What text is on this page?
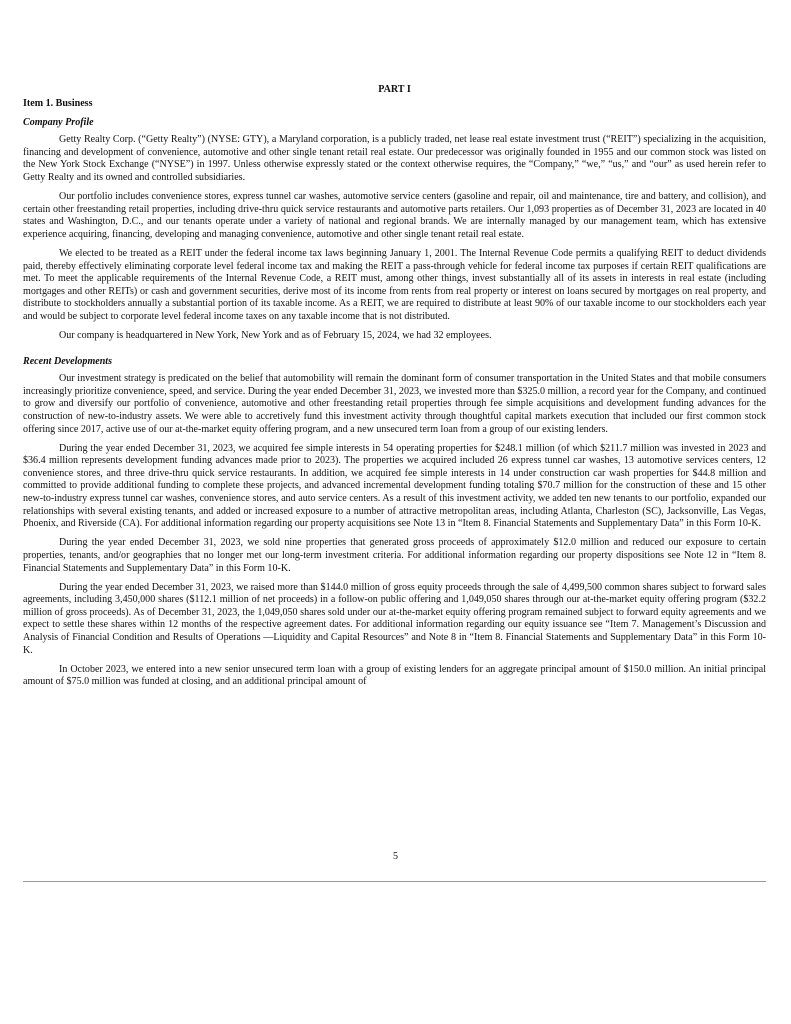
PART I
Item 1. Business
Company Profile

Getty Realty Corp. (“Getty Realty”) (NYSE: GTY), a Maryland corporation, is a publicly traded, net lease real estate investment trust (“REIT”) specializing in the acquisition, financing and development of convenience, automotive and other single tenant retail real estate. Our predecessor was originally founded in 1955 and our common stock was listed on the New York Stock Exchange (“NYSE”) in 1997. Unless otherwise expressly stated or the context otherwise requires, the “Company,” “we,” “us,” and “our” as used herein refer to Getty Realty and its owned and controlled subsidiaries.

Our portfolio includes convenience stores, express tunnel car washes, automotive service centers (gasoline and repair, oil and maintenance, tire and battery, and collision), and certain other freestanding retail properties, including drive-thru quick service restaurants and automotive parts retailers. Our 1,093 properties as of December 31, 2023 are located in 40 states and Washington, D.C., and our tenants operate under a variety of national and regional brands. We are internally managed by our management team, which has extensive experience acquiring, financing, developing and managing convenience, automotive and other single tenant retail real estate.

We elected to be treated as a REIT under the federal income tax laws beginning January 1, 2001. The Internal Revenue Code permits a qualifying REIT to deduct dividends paid, thereby effectively eliminating corporate level federal income tax and making the REIT a pass-through vehicle for federal income tax purposes if certain REIT qualifications are met. To meet the applicable requirements of the Internal Revenue Code, a REIT must, among other things, invest substantially all of its assets in interests in real estate (including mortgages and other REITs) or cash and government securities, derive most of its income from rents from real property or interest on loans secured by mortgages on real property, and distribute to stockholders annually a substantial portion of its taxable income. As a REIT, we are required to distribute at least 90% of our taxable income to our stockholders each year and would be subject to corporate level federal income taxes on any taxable income that is not distributed.

Our company is headquartered in New York, New York and as of February 15, 2024, we had 32 employees.

Recent Developments

Our investment strategy is predicated on the belief that automobility will remain the dominant form of consumer transportation in the United States and that mobile consumers increasingly prioritize convenience, speed, and service. During the year ended December 31, 2023, we invested more than $325.0 million, a record year for the Company, and continued to grow and diversify our portfolio of convenience, automotive and other freestanding retail properties through fee simple acquisitions and development funding advances for the construction of new-to-industry assets. We were able to accretively fund this investment activity through thoughtful capital markets execution that included our first common stock offering since 2017, active use of our at-the-market equity offering program, and a new unsecured term loan from a group of our existing lenders.

During the year ended December 31, 2023, we acquired fee simple interests in 54 operating properties for $248.1 million (of which $211.7 million was invested in 2023 and $36.4 million represents development funding advances made prior to 2023). The properties we acquired included 26 express tunnel car washes, 13 automotive services centers, 12 convenience stores, and three drive-thru quick service restaurants. In addition, we acquired fee simple interests in 14 under construction car wash properties for $44.8 million and committed to provide additional funding to complete these projects, and advanced incremental development funding totaling $70.7 million for the construction of these and 15 other new-to-industry express tunnel car washes, convenience stores, and auto service centers. As a result of this investment activity, we added ten new tenants to our portfolio, expanded our relationships with several existing tenants, and added or increased exposure to a number of attractive metropolitan areas, including Atlanta, Charleston (SC), Jacksonville, Las Vegas, Phoenix, and Riverside (CA). For additional information regarding our property acquisitions see Note 13 in “Item 8. Financial Statements and Supplementary Data” in this Form 10-K.

During the year ended December 31, 2023, we sold nine properties that generated gross proceeds of approximately $12.0 million and reduced our exposure to certain properties, tenants, and/or geographies that no longer met our long-term investment criteria. For additional information regarding our property dispositions see Note 12 in “Item 8. Financial Statements and Supplementary Data” in this Form 10-K.

During the year ended December 31, 2023, we raised more than $144.0 million of gross equity proceeds through the sale of 4,499,500 common shares subject to forward sales agreements, including 3,450,000 shares ($112.1 million of net proceeds) in a follow-on public offering and 1,049,050 shares through our at-the-market equity offering program ($32.2 million of gross proceeds). As of December 31, 2023, the 1,049,050 shares sold under our at-the-market equity offering program remained subject to forward equity agreements and we expect to settle these shares within 12 months of the respective agreement dates. For additional information regarding our equity issuance see “Item 7. Management’s Discussion and Analysis of Financial Condition and Results of Operations —Liquidity and Capital Resources” and Note 8 in “Item 8. Financial Statements and Supplementary Data” in this Form 10-K.

In October 2023, we entered into a new senior unsecured term loan with a group of existing lenders for an aggregate principal amount of $150.0 million. An initial principal amount of $75.0 million was funded at closing, and an additional principal amount of

5
